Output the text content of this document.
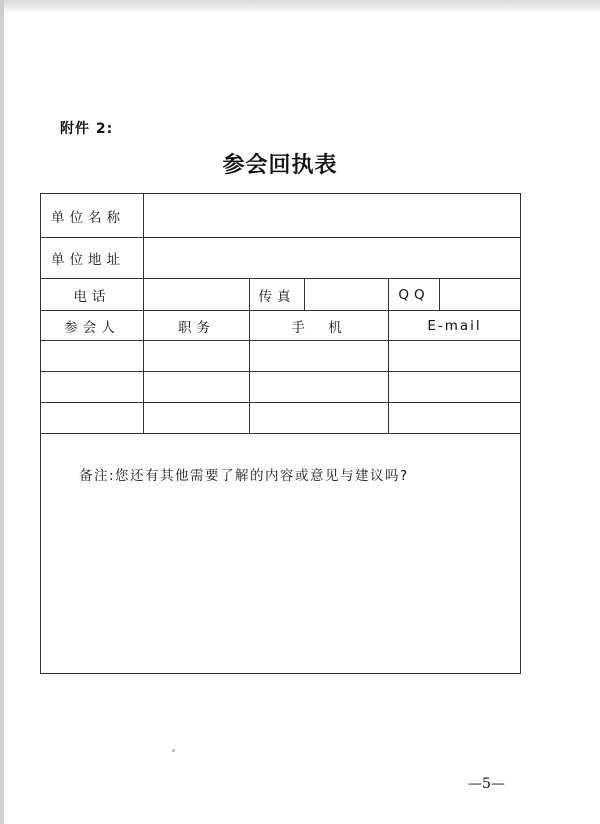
附件 2:
参会回执表
单位名称					
单位地址					
电话		传真		QQ	
参会人	职务	手　机		E-mail	

备注:您还有其他需要了解的内容或意见与建议吗?					
—5—
